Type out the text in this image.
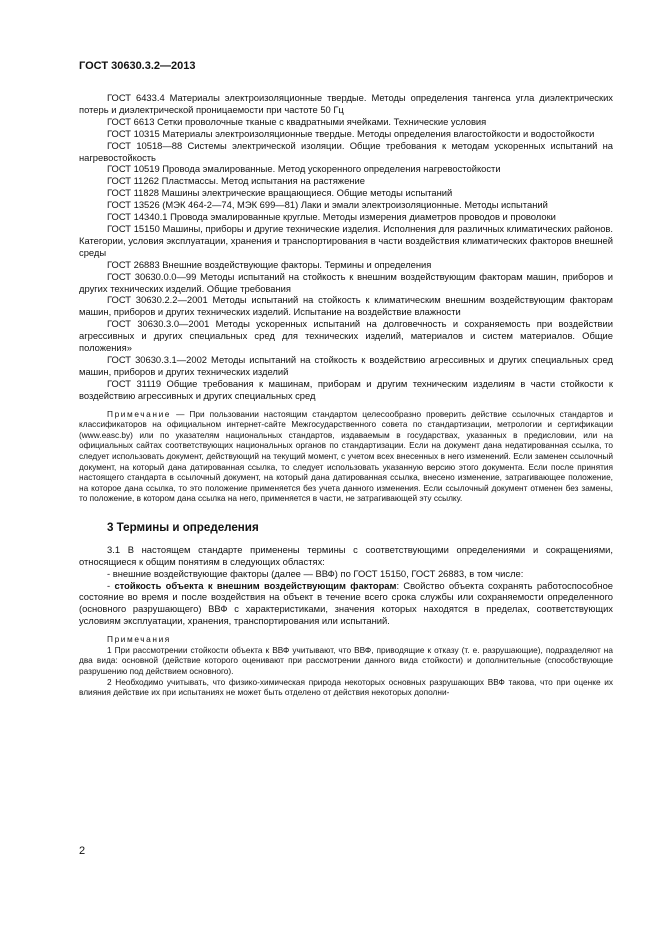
ГОСТ 30630.3.2—2013

ГОСТ 6433.4 Материалы электроизоляционные твердые. Методы определения тангенса угла диэлектрических потерь и диэлектрической проницаемости при частоте 50 Гц

ГОСТ 6613 Сетки проволочные тканые с квадратными ячейками. Технические условия

ГОСТ 10315 Материалы электроизоляционные твердые. Методы определения влагостойкости и водостойкости

ГОСТ 10518—88 Системы электрической изоляции. Общие требования к методам ускоренных испытаний на нагревостойкость

ГОСТ 10519 Провода эмалированные. Метод ускоренного определения нагревостойкости

ГОСТ 11262 Пластмассы. Метод испытания на растяжение

ГОСТ 11828 Машины электрические вращающиеся. Общие методы испытаний

ГОСТ 13526 (МЭК 464-2—74, МЭК 699—81) Лаки и эмали электроизоляционные. Методы испытаний

ГОСТ 14340.1 Провода эмалированные круглые. Методы измерения диаметров проводов и проволоки

ГОСТ 15150 Машины, приборы и другие технические изделия. Исполнения для различных климатических районов. Категории, условия эксплуатации, хранения и транспортирования в части воздействия климатических факторов внешней среды

ГОСТ 26883 Внешние воздействующие факторы. Термины и определения

ГОСТ 30630.0.0—99 Методы испытаний на стойкость к внешним воздействующим факторам машин, приборов и других технических изделий. Общие требования

ГОСТ 30630.2.2—2001 Методы испытаний на стойкость к климатическим внешним воздействующим факторам машин, приборов и других технических изделий. Испытание на воздействие влажности

ГОСТ 30630.3.0—2001 Методы ускоренных испытаний на долговечность и сохраняемость при воздействии агрессивных и других специальных сред для технических изделий, материалов и систем материалов. Общие положения»

ГОСТ 30630.3.1—2002 Методы испытаний на стойкость к воздействию агрессивных и других специальных сред машин, приборов и других технических изделий

ГОСТ 31119 Общие требования к машинам, приборам и другим техническим изделиям в части стойкости к воздействию агрессивных и других специальных сред

Примечание — При пользовании настоящим стандартом целесообразно проверить действие ссылочных стандартов и классификаторов на официальном интернет-сайте Межгосударственного совета по стандартизации, метрологии и сертификации (www.easc.by) или по указателям национальных стандартов, издаваемым в государствах, указанных в предисловии, или на официальных сайтах соответствующих национальных органов по стандартизации. Если на документ дана недатированная ссылка, то следует использовать документ, действующий на текущий момент, с учетом всех внесенных в него изменений. Если заменен ссылочный документ, на который дана датированная ссылка, то следует использовать указанную версию этого документа. Если после принятия настоящего стандарта в ссылочный документ, на который дана датированная ссылка, внесено изменение, затрагивающее положение, на которое дана ссылка, то это положение применяется без учета данного изменения. Если ссылочный документ отменен без замены, то положение, в котором дана ссылка на него, применяется в части, не затрагивающей эту ссылку.

3 Термины и определения

3.1 В настоящем стандарте применены термины с соответствующими определениями и сокращениями, относящиеся к общим понятиям в следующих областях:

- внешние воздействующие факторы (далее — ВВФ) по ГОСТ 15150, ГОСТ 26883, в том числе:

- стойкость объекта к внешним воздействующим факторам: Свойство объекта сохранять работоспособное состояние во время и после воздействия на объект в течение всего срока службы или сохраняемости определенного (основного разрушающего) ВВФ с характеристиками, значения которых находятся в пределах, соответствующих условиям эксплуатации, хранения, транспортирования или испытаний.

Примечания

1 При рассмотрении стойкости объекта к ВВФ учитывают, что ВВФ, приводящие к отказу (т. е. разрушающие), подразделяют на два вида: основной (действие которого оценивают при рассмотрении данного вида стойкости) и дополнительные (способствующие разрушению под действием основного).

2 Необходимо учитывать, что физико-химическая природа некоторых основных разрушающих ВВФ такова, что при оценке их влияния действие их при испытаниях не может быть отделено от действия некоторых дополни-

2
